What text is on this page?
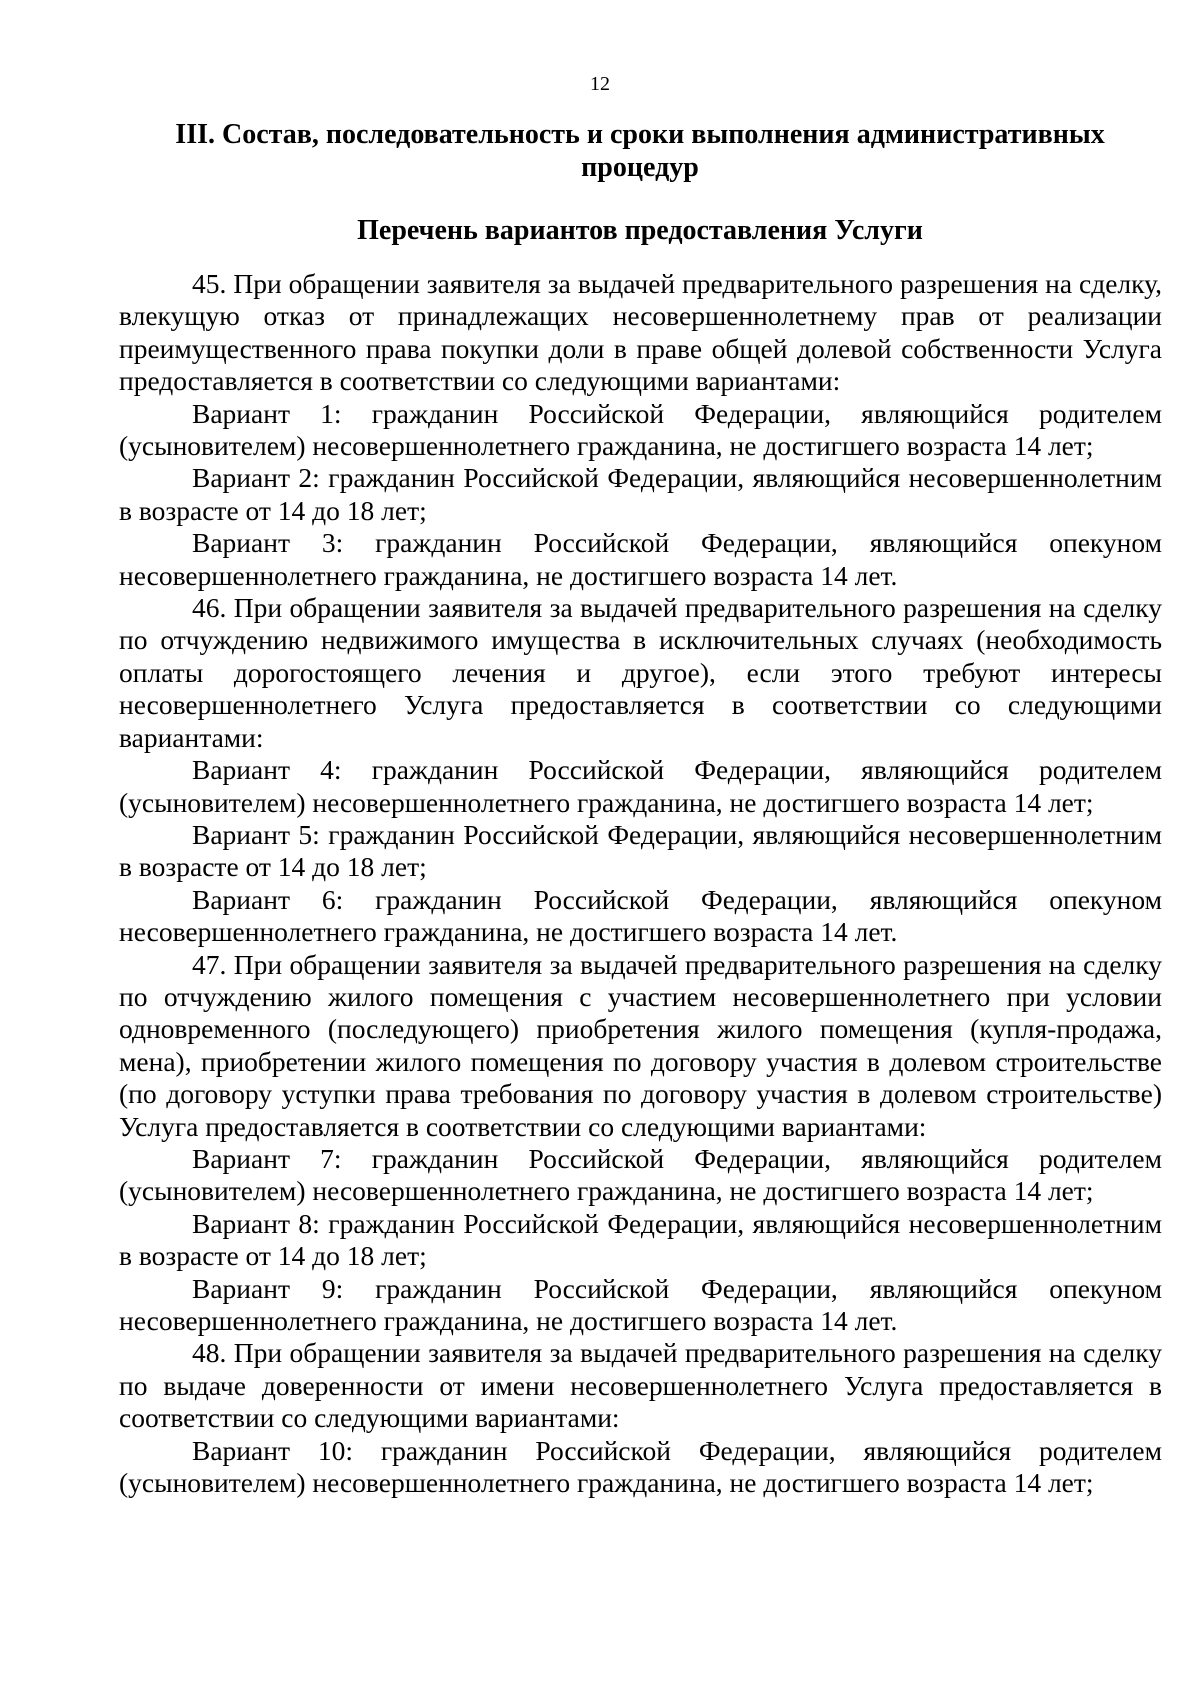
12
III. Состав, последовательность и сроки выполнения административных процедур
Перечень вариантов предоставления Услуги

45. При обращении заявителя за выдачей предварительного разрешения на сделку, влекущую отказ от принадлежащих несовершеннолетнему прав от реализации преимущественного права покупки доли в праве общей долевой собственности Услуга предоставляется в соответствии со следующими вариантами:

Вариант 1: гражданин Российской Федерации, являющийся родителем (усыновителем) несовершеннолетнего гражданина, не достигшего возраста 14 лет;

Вариант 2: гражданин Российской Федерации, являющийся несовершеннолетним в возрасте от 14 до 18 лет;

Вариант 3: гражданин Российской Федерации, являющийся опекуном несовершеннолетнего гражданина, не достигшего возраста 14 лет.

46. При обращении заявителя за выдачей предварительного разрешения на сделку по отчуждению недвижимого имущества в исключительных случаях (необходимость оплаты дорогостоящего лечения и другое), если этого требуют интересы несовершеннолетнего Услуга предоставляется в соответствии со следующими вариантами:

Вариант 4: гражданин Российской Федерации, являющийся родителем (усыновителем) несовершеннолетнего гражданина, не достигшего возраста 14 лет;

Вариант 5: гражданин Российской Федерации, являющийся несовершеннолетним в возрасте от 14 до 18 лет;

Вариант 6: гражданин Российской Федерации, являющийся опекуном несовершеннолетнего гражданина, не достигшего возраста 14 лет.

47. При обращении заявителя за выдачей предварительного разрешения на сделку по отчуждению жилого помещения с участием несовершеннолетнего при условии одновременного (последующего) приобретения жилого помещения (купля-продажа, мена), приобретении жилого помещения по договору участия в долевом строительстве (по договору уступки права требования по договору участия в долевом строительстве) Услуга предоставляется в соответствии со следующими вариантами:

Вариант 7: гражданин Российской Федерации, являющийся родителем (усыновителем) несовершеннолетнего гражданина, не достигшего возраста 14 лет;

Вариант 8: гражданин Российской Федерации, являющийся несовершеннолетним в возрасте от 14 до 18 лет;

Вариант 9: гражданин Российской Федерации, являющийся опекуном несовершеннолетнего гражданина, не достигшего возраста 14 лет.

48. При обращении заявителя за выдачей предварительного разрешения на сделку по выдаче доверенности от имени несовершеннолетнего Услуга предоставляется в соответствии со следующими вариантами:

Вариант 10: гражданин Российской Федерации, являющийся родителем (усыновителем) несовершеннолетнего гражданина, не достигшего возраста 14 лет;
